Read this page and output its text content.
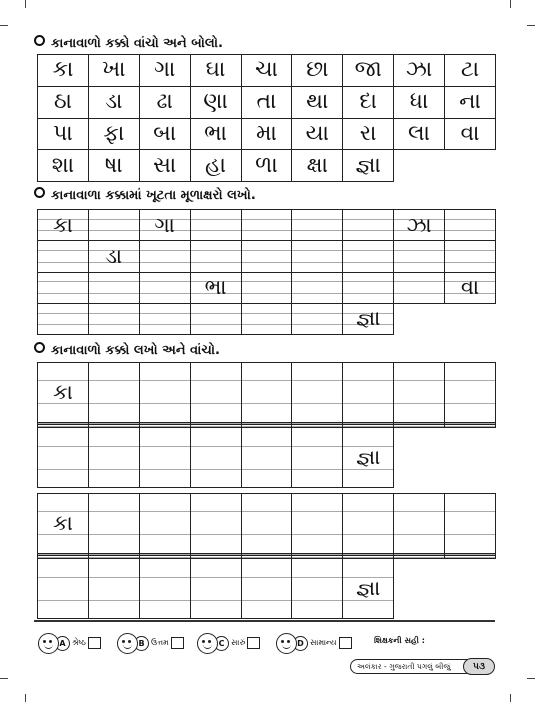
કાનાવાળો કક્કો વાંચો અને બોલો.
કા	ખા	ગા	ઘા	ચા	છા	જા	ઝા	ટા
ઠા	ડા	ઢા	ણા	તા	થા	દા	ધા	ના
પા	ફા	બા	ભા	મા	યા	રા	લા	વા
શા	ષા	સા	હા	ળા	ક્ષા	જ્ઞા		
કાનાવાળા કક્કામાં ખૂટતા મૂળાક્ષરો લખો.
કા		ગા					ઝા	
	ડા							
			ભા					વા
						જ્ઞા		
કાનાવાળો કક્કો લખો અને વાંચો.
કા								

						જ્ઞા		
કા								

						જ્ઞા		
A શ્રેષ્ઠ	B ઉત્તમ	C સારું	D સામાન્ય	શિક્ષકની સહી :
અલંકાર - ગુજરાતી પગલું બીજું	૫૩
